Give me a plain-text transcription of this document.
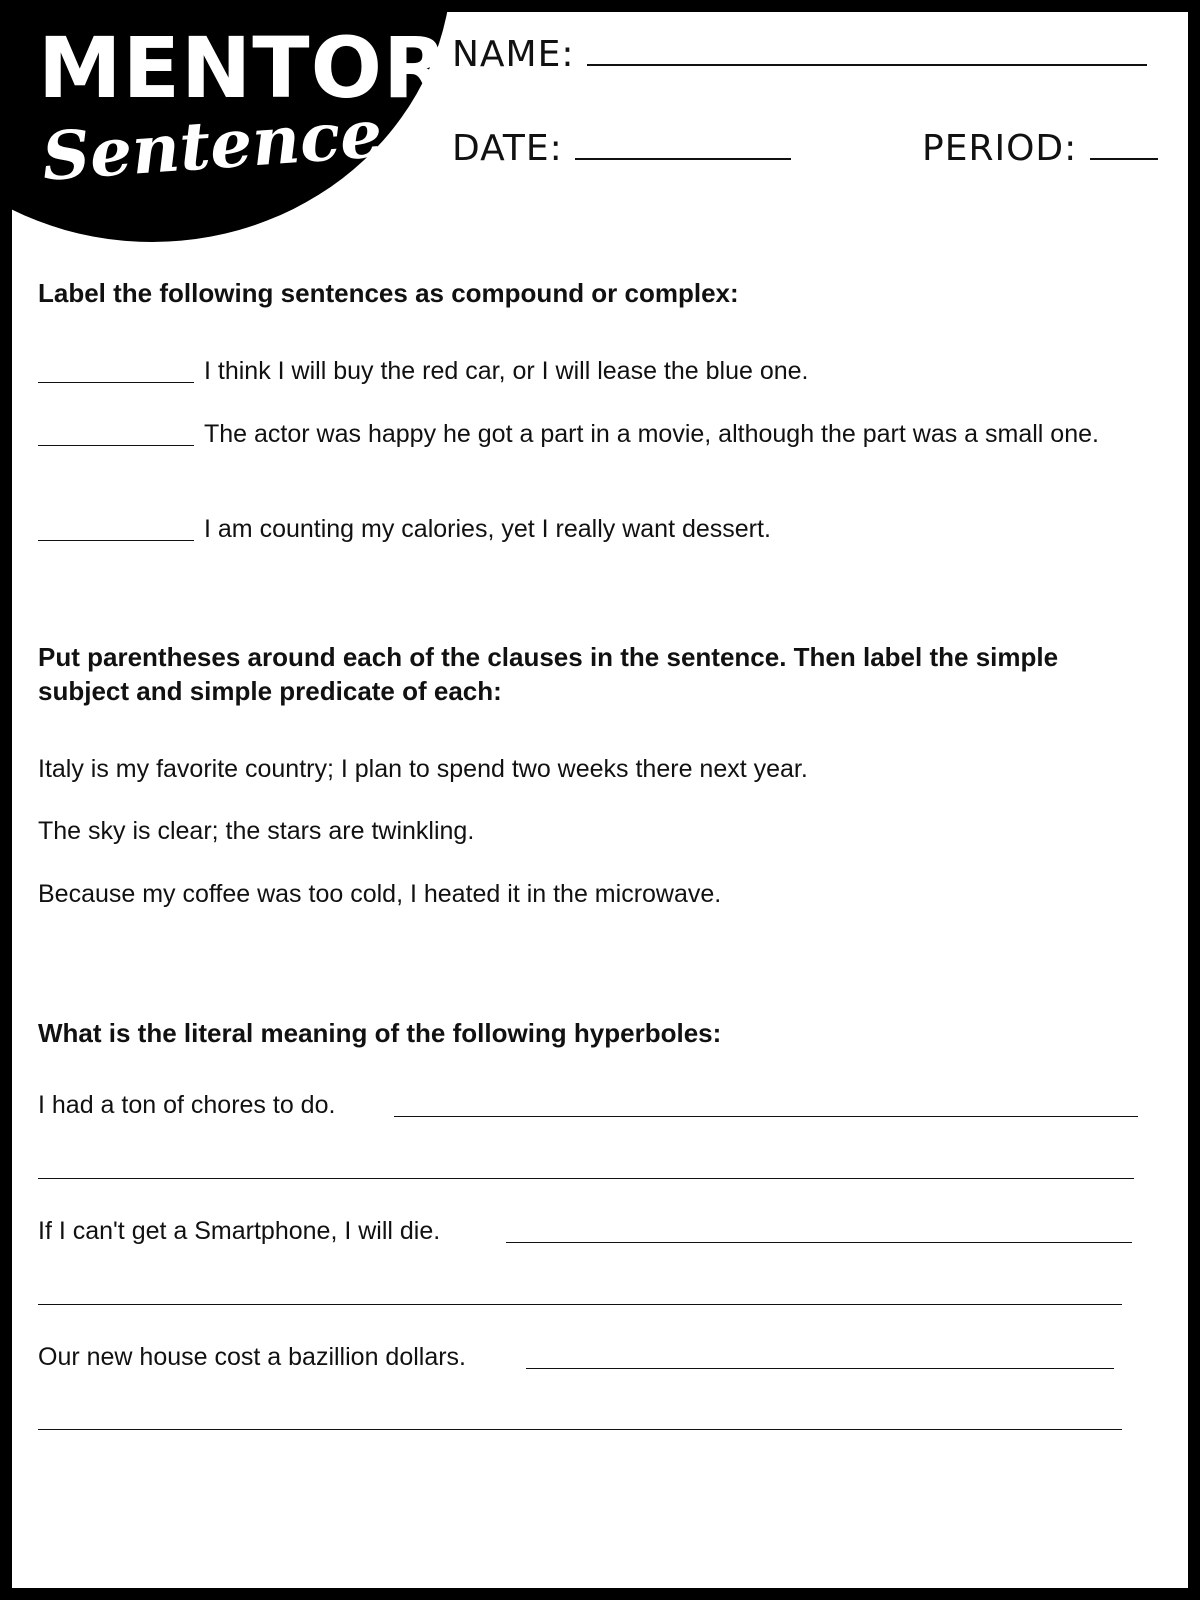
MENTOR
Sentence 1
NAME:
DATE:	PERIOD:

Label the following sentences as compound or complex:

I think I will buy the red car, or I will lease the blue one.
The actor was happy he got a part in a movie, although the part was a small one.
I am counting my calories, yet I really want dessert.

Put parentheses around each of the clauses in the sentence. Then label the simple subject and simple predicate of each:

Italy is my favorite country; I plan to spend two weeks there next year.
The sky is clear; the stars are twinkling.
Because my coffee was too cold, I heated it in the microwave.

What is the literal meaning of the following hyperboles:

I had a ton of chores to do.
If I can't get a Smartphone, I will die.
Our new house cost a bazillion dollars.
